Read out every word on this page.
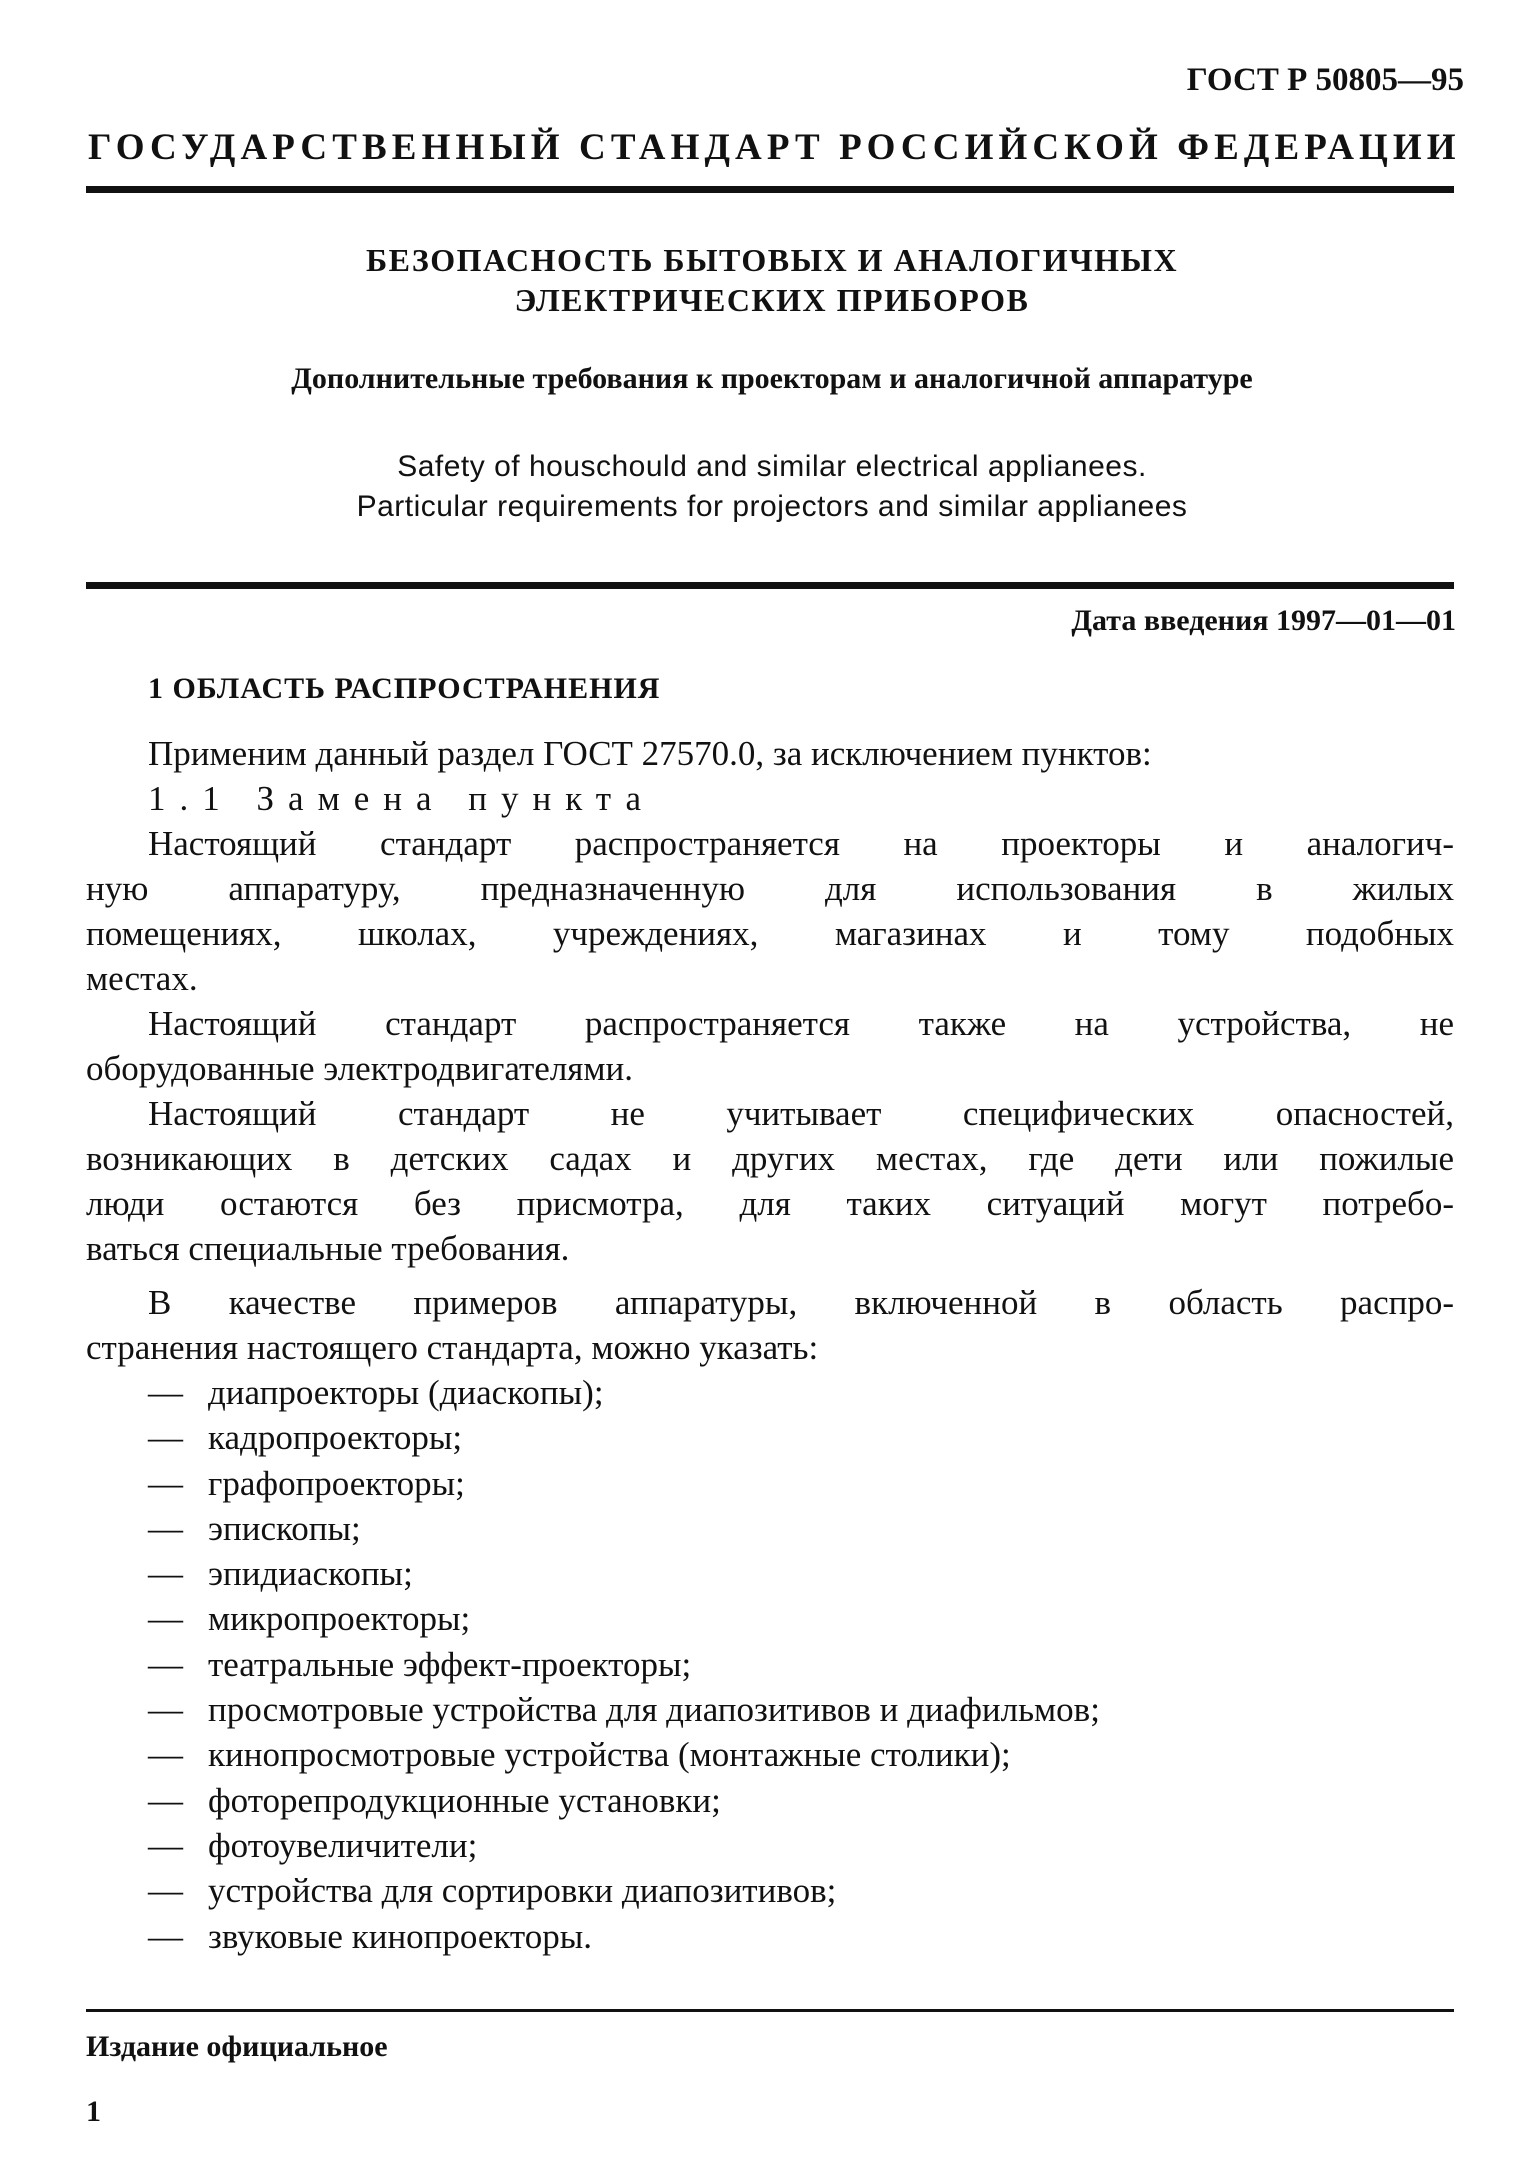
ГОСТ Р 50805—95
ГОСУДАРСТВЕННЫЙ СТАНДАРТ РОССИЙСКОЙ ФЕДЕРАЦИИ
БЕЗОПАСНОСТЬ БЫТОВЫХ И АНАЛОГИЧНЫХ
ЭЛЕКТРИЧЕСКИХ ПРИБОРОВ
Дополнительные требования к проекторам и аналогичной аппаратуре
Safety of houschould and similar electrical applianees.
Particular requirements for projectors and similar applianees
Дата введения 1997—01—01
1 ОБЛАСТЬ РАСПРОСТРАНЕНИЯ
Применим данный раздел ГОСТ 27570.0, за исключением пунктов:
1.1 Замена пункта
Настоящий стандарт распространяется на проекторы и аналогич-
ную аппаратуру, предназначенную для использования в жилых
помещениях, школах, учреждениях, магазинах и тому подобных
местах.
Настоящий стандарт распространяется также на устройства, не
оборудованные электродвигателями.
Настоящий стандарт не учитывает специфических опасностей,
возникающих в детских садах и других местах, где дети или пожилые
люди остаются без присмотра, для таких ситуаций могут потребо-
ваться специальные требования.
В качестве примеров аппаратуры, включенной в область распро-
странения настоящего стандарта, можно указать:
— диапроекторы (диаскопы);
— кадропроекторы;
— графопроекторы;
— эпископы;
— эпидиаскопы;
— микропроекторы;
— театральные эффект-проекторы;
— просмотровые устройства для диапозитивов и диафильмов;
— кинопросмотровые устройства (монтажные столики);
— фоторепродукционные установки;
— фотоувеличители;
— устройства для сортировки диапозитивов;
— звуковые кинопроекторы.
Издание официальное
1
